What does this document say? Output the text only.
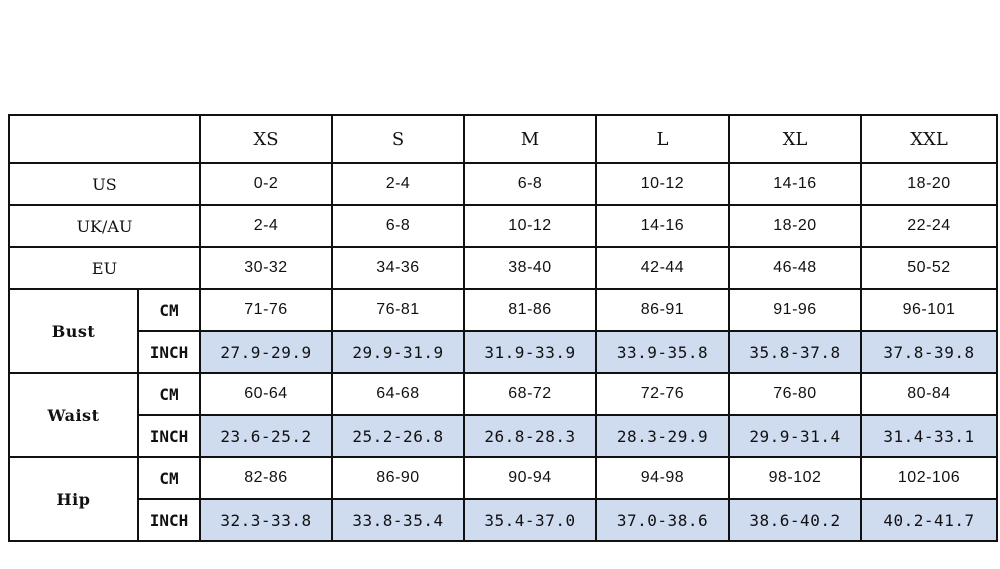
		XS	S	M	L	XL	XXL
US		0-2	2-4	6-8	10-12	14-16	18-20
UK/AU		2-4	6-8	10-12	14-16	18-20	22-24
EU		30-32	34-36	38-40	42-44	46-48	50-52
Bust	CM	71-76	76-81	81-86	86-91	91-96	96-101
	INCH	27.9-29.9	29.9-31.9	31.9-33.9	33.9-35.8	35.8-37.8	37.8-39.8
Waist	CM	60-64	64-68	68-72	72-76	76-80	80-84
	INCH	23.6-25.2	25.2-26.8	26.8-28.3	28.3-29.9	29.9-31.4	31.4-33.1
Hip	CM	82-86	86-90	90-94	94-98	98-102	102-106
	INCH	32.3-33.8	33.8-35.4	35.4-37.0	37.0-38.6	38.6-40.2	40.2-41.7
